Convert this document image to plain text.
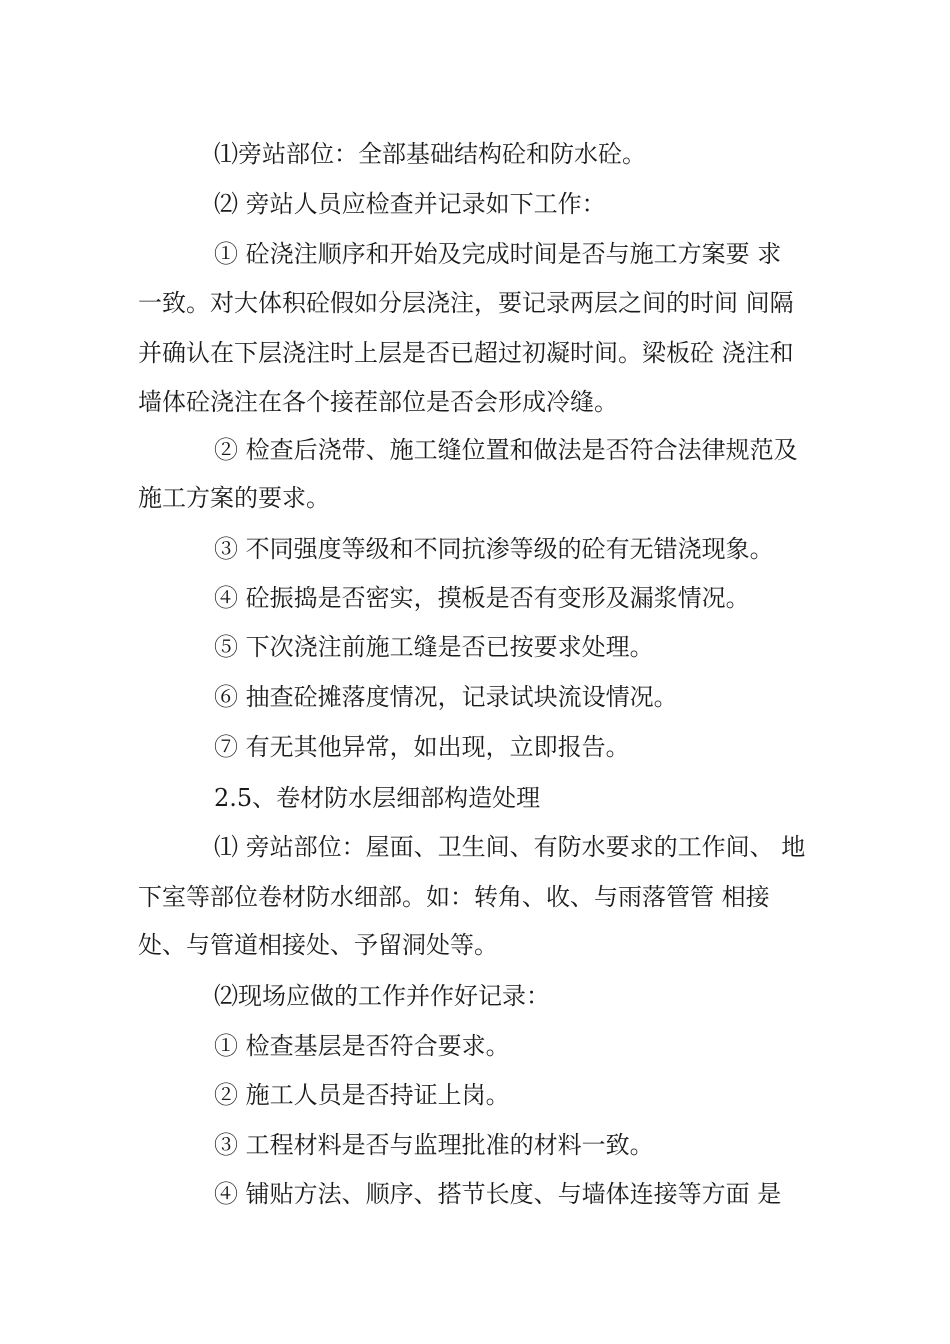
⑴旁站部位：全部基础结构砼和防水砼。
⑵ 旁站人员应检查并记录如下工作：
① 砼浇注顺序和开始及完成时间是否与施工方案要 求
一致。对大体积砼假如分层浇注，要记录两层之间的时间 间隔
并确认在下层浇注时上层是否已超过初凝时间。梁板砼 浇注和
墙体砼浇注在各个接茬部位是否会形成冷缝。
② 检查后浇带、施工缝位置和做法是否符合法律规范及
施工方案的要求。
③ 不同强度等级和不同抗渗等级的砼有无错浇现象。
④ 砼振捣是否密实，摸板是否有变形及漏浆情况。
⑤ 下次浇注前施工缝是否已按要求处理。
⑥ 抽查砼摊落度情况，记录试块流设情况。
⑦ 有无其他异常，如出现，立即报告。
2.5、卷材防水层细部构造处理
⑴ 旁站部位：屋面、卫生间、有防水要求的工作间、 地
下室等部位卷材防水细部。如：转角、收、与雨落管管 相接
处、与管道相接处、予留洞处等。
⑵现场应做的工作并作好记录：
① 检查基层是否符合要求。
② 施工人员是否持证上岗。
③ 工程材料是否与监理批准的材料一致。
④ 铺贴方法、顺序、搭节长度、与墙体连接等方面 是
